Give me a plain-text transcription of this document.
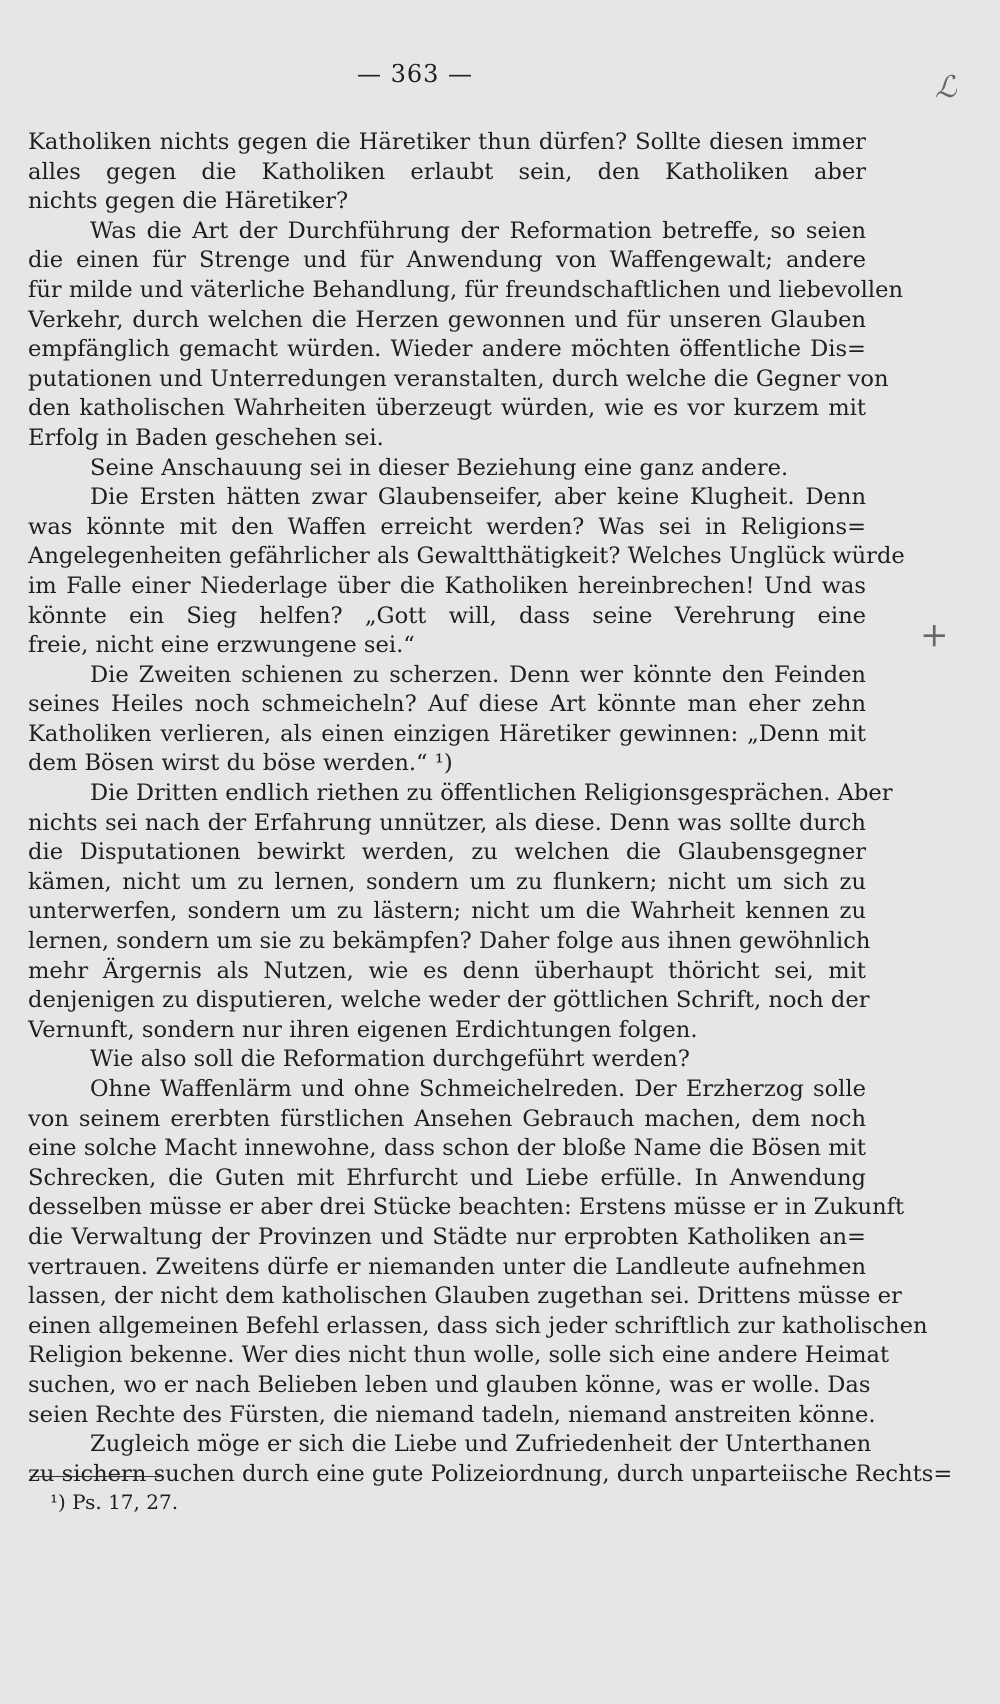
— 363 —	ℒ
+
Katholiken nichts gegen die Häretiker thun dürfen? Sollte diesen immer
alles gegen die Katholiken erlaubt sein, den Katholiken aber
nichts gegen die Häretiker?
Was die Art der Durchführung der Reformation betreffe, so seien
die einen für Strenge und für Anwendung von Waffengewalt; andere
für milde und väterliche Behandlung, für freundschaftlichen und liebevollen
Verkehr, durch welchen die Herzen gewonnen und für unseren Glauben
empfänglich gemacht würden. Wieder andere möchten öffentliche Dis=
putationen und Unterredungen veranstalten, durch welche die Gegner von
den katholischen Wahrheiten überzeugt würden, wie es vor kurzem mit
Erfolg in Baden geschehen sei.
Seine Anschauung sei in dieser Beziehung eine ganz andere.
Die Ersten hätten zwar Glaubenseifer, aber keine Klugheit. Denn
was könnte mit den Waffen erreicht werden? Was sei in Religions=
Angelegenheiten gefährlicher als Gewaltthätigkeit? Welches Unglück würde
im Falle einer Niederlage über die Katholiken hereinbrechen! Und was
könnte ein Sieg helfen? „Gott will, dass seine Verehrung eine
freie, nicht eine erzwungene sei.“
Die Zweiten schienen zu scherzen. Denn wer könnte den Feinden
seines Heiles noch schmeicheln? Auf diese Art könnte man eher zehn
Katholiken verlieren, als einen einzigen Häretiker gewinnen: „Denn mit
dem Bösen wirst du böse werden.“ ¹)
Die Dritten endlich riethen zu öffentlichen Religionsgesprächen. Aber
nichts sei nach der Erfahrung unnützer, als diese. Denn was sollte durch
die Disputationen bewirkt werden, zu welchen die Glaubensgegner
kämen, nicht um zu lernen, sondern um zu flunkern; nicht um sich zu
unterwerfen, sondern um zu lästern; nicht um die Wahrheit kennen zu
lernen, sondern um sie zu bekämpfen? Daher folge aus ihnen gewöhnlich
mehr Ärgernis als Nutzen, wie es denn überhaupt thöricht sei, mit
denjenigen zu disputieren, welche weder der göttlichen Schrift, noch der
Vernunft, sondern nur ihren eigenen Erdichtungen folgen.
Wie also soll die Reformation durchgeführt werden?
Ohne Waffenlärm und ohne Schmeichelreden. Der Erzherzog solle
von seinem ererbten fürstlichen Ansehen Gebrauch machen, dem noch
eine solche Macht innewohne, dass schon der bloße Name die Bösen mit
Schrecken, die Guten mit Ehrfurcht und Liebe erfülle. In Anwendung
desselben müsse er aber drei Stücke beachten: Erstens müsse er in Zukunft
die Verwaltung der Provinzen und Städte nur erprobten Katholiken an=
vertrauen. Zweitens dürfe er niemanden unter die Landleute aufnehmen
lassen, der nicht dem katholischen Glauben zugethan sei. Drittens müsse er
einen allgemeinen Befehl erlassen, dass sich jeder schriftlich zur katholischen
Religion bekenne. Wer dies nicht thun wolle, solle sich eine andere Heimat
suchen, wo er nach Belieben leben und glauben könne, was er wolle. Das
seien Rechte des Fürsten, die niemand tadeln, niemand anstreiten könne.
Zugleich möge er sich die Liebe und Zufriedenheit der Unterthanen
zu sichern suchen durch eine gute Polizeiordnung, durch unparteiische Rechts=
¹) Ps. 17, 27.
